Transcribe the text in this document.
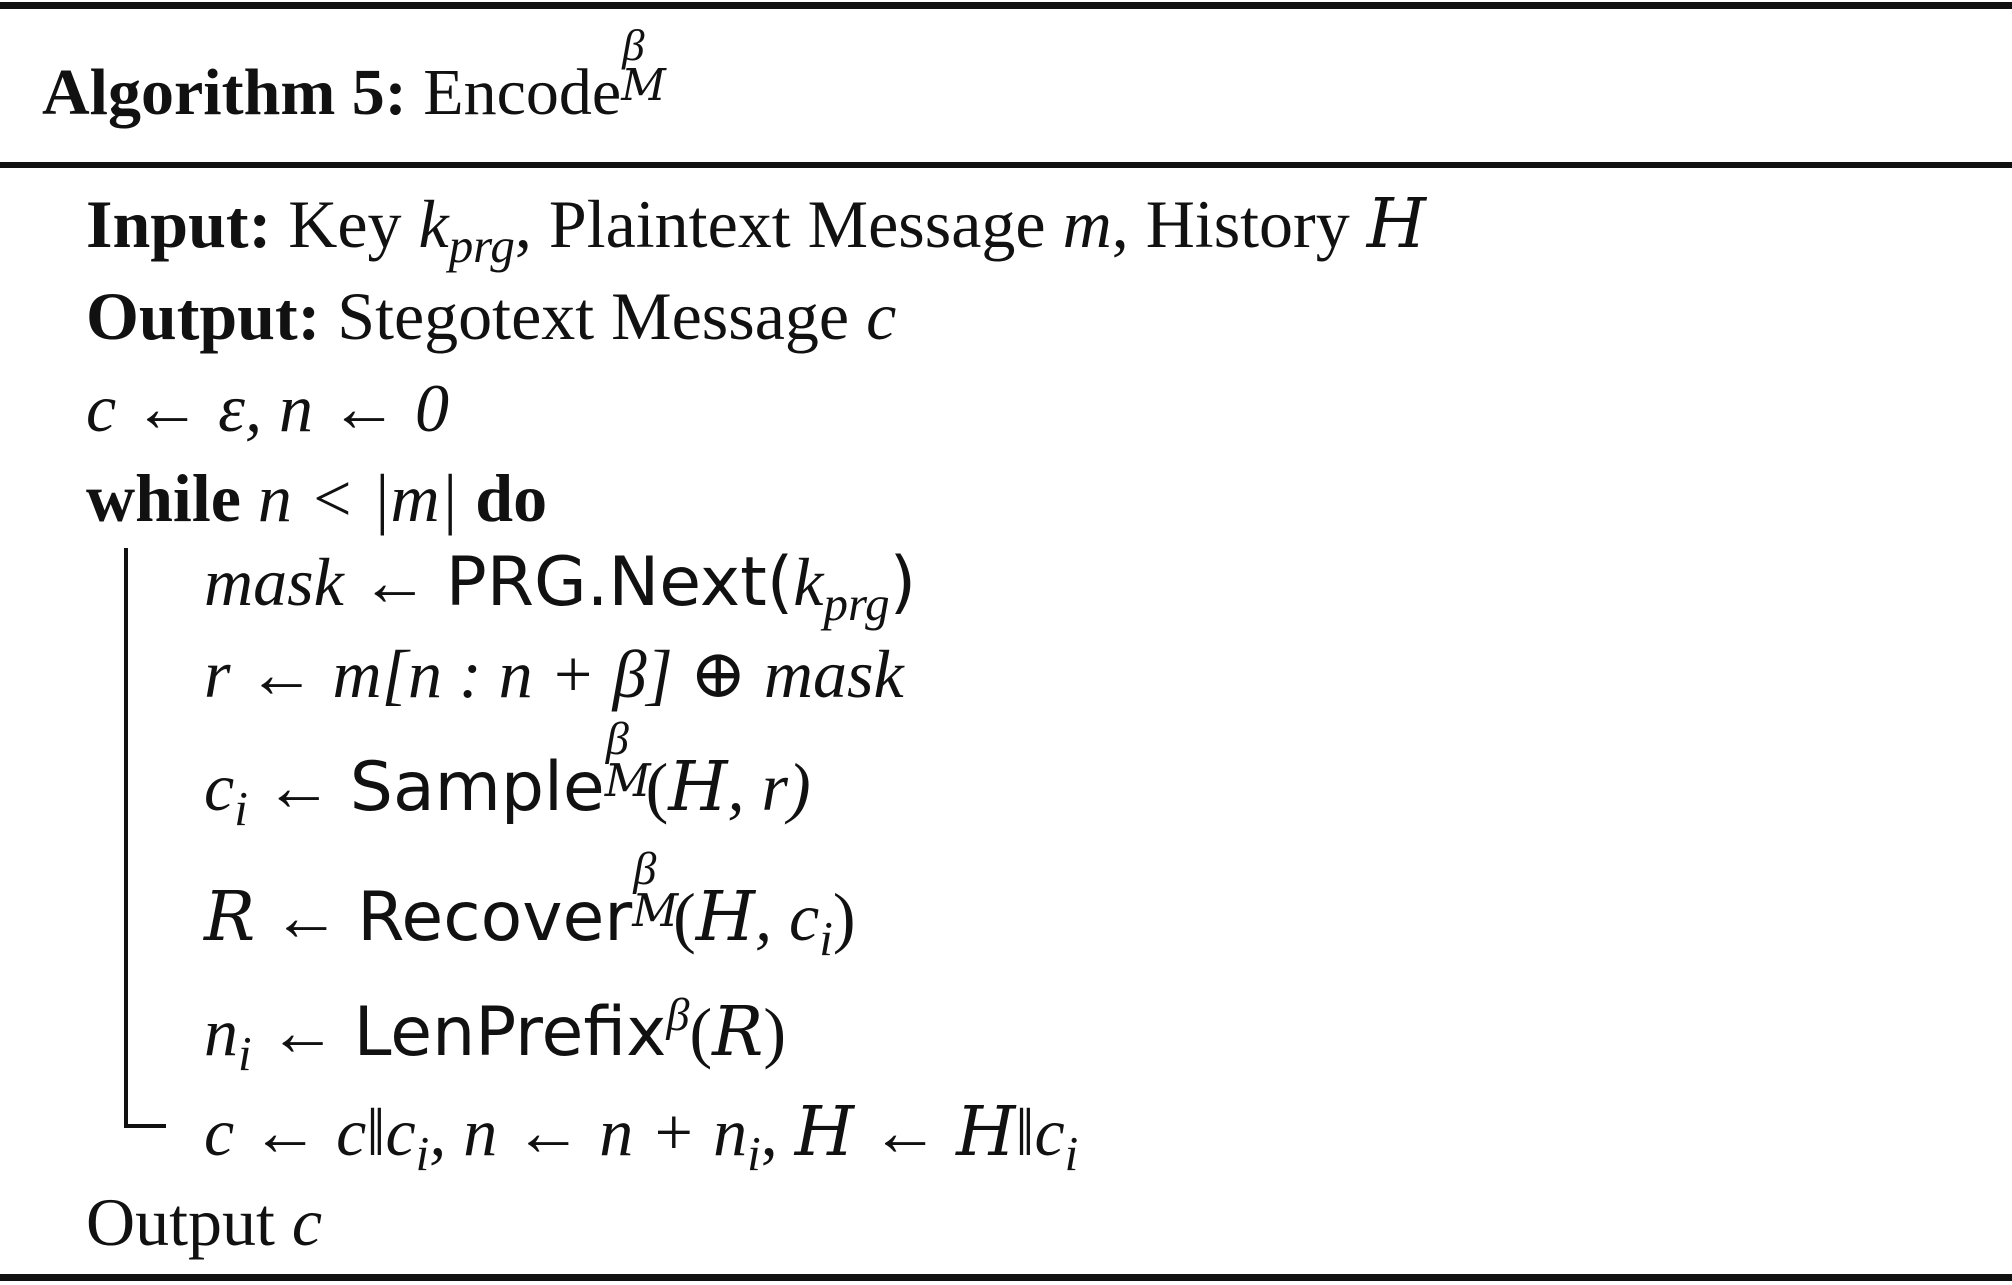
Algorithm 5: Encode
β
M
Input: Key $k_{prg}$, Plaintext Message m, History H
Output: Stegotext Message c
c ← ε, n ← 0
while n < |m| do
mask ← $PRG.Next(k_{prg})$
r ← m[n : n + β] ⊕ mask
$c_i$ ← Sample
β
M
(H, r)
R ← Recover
β
M
(H, $c_i$)
$n_i$ ← LenPrefix$^\beta$(R)
c ← $c‖c_i$, n ← $n + n_i$, H ← $H‖c_i$
Output c
